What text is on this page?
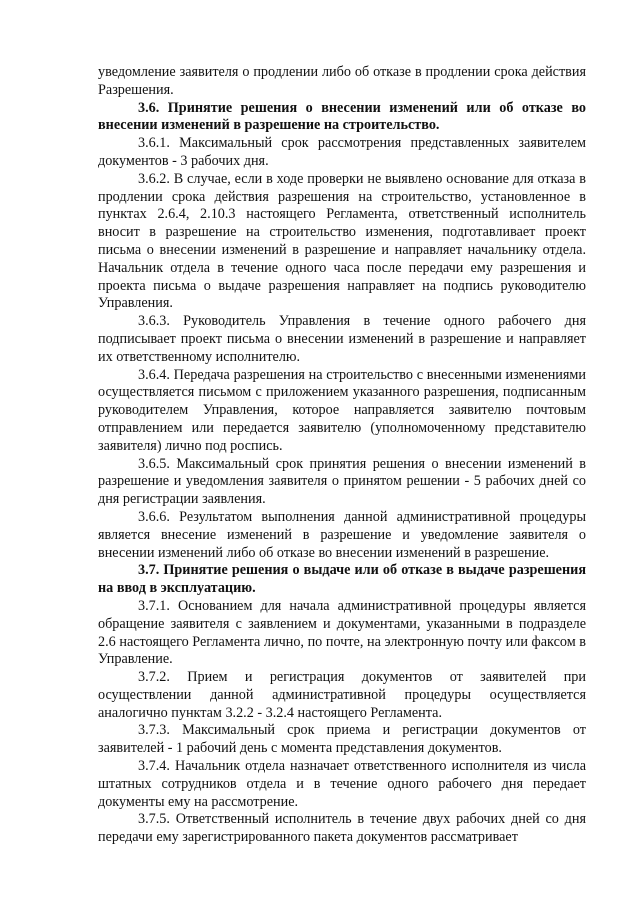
уведомление заявителя о продлении либо об отказе в продлении срока действия Разрешения.

3.6. Принятие решения о внесении изменений или об отказе во внесении изменений в разрешение на строительство.

3.6.1. Максимальный срок рассмотрения представленных заявителем документов - 3 рабочих дня.

3.6.2. В случае, если в ходе проверки не выявлено основание для отказа в продлении срока действия разрешения на строительство, установленное в пунктах 2.6.4, 2.10.3 настоящего Регламента, ответственный исполнитель вносит в разрешение на строительство изменения, подготавливает проект письма о внесении изменений в разрешение и направляет начальнику отдела. Начальник отдела в течение одного часа после передачи ему разрешения и проекта письма о выдаче разрешения направляет на подпись руководителю Управления.

3.6.3. Руководитель Управления в течение одного рабочего дня подписывает проект письма о внесении изменений в разрешение и направляет их ответственному исполнителю.

3.6.4. Передача разрешения на строительство с внесенными изменениями осуществляется письмом с приложением указанного разрешения, подписанным руководителем Управления, которое направляется заявителю почтовым отправлением или передается заявителю (уполномоченному представителю заявителя) лично под роспись.

3.6.5. Максимальный срок принятия решения о внесении изменений в разрешение и уведомления заявителя о принятом решении - 5 рабочих дней со дня регистрации заявления.

3.6.6. Результатом выполнения данной административной процедуры является внесение изменений в разрешение и уведомление заявителя о внесении изменений либо об отказе во внесении изменений в разрешение.

3.7. Принятие решения о выдаче или об отказе в выдаче разрешения на ввод в эксплуатацию.

3.7.1. Основанием для начала административной процедуры является обращение заявителя с заявлением и документами, указанными в подразделе 2.6 настоящего Регламента лично, по почте, на электронную почту или факсом в Управление.

3.7.2. Прием и регистрация документов от заявителей при осуществлении данной административной процедуры осуществляется аналогично пунктам 3.2.2 - 3.2.4 настоящего Регламента.

3.7.3. Максимальный срок приема и регистрации документов от заявителей - 1 рабочий день с момента представления документов.

3.7.4. Начальник отдела назначает ответственного исполнителя из числа штатных сотрудников отдела и в течение одного рабочего дня передает документы ему на рассмотрение.

3.7.5. Ответственный исполнитель в течение двух рабочих дней со дня передачи ему зарегистрированного пакета документов рассматривает
